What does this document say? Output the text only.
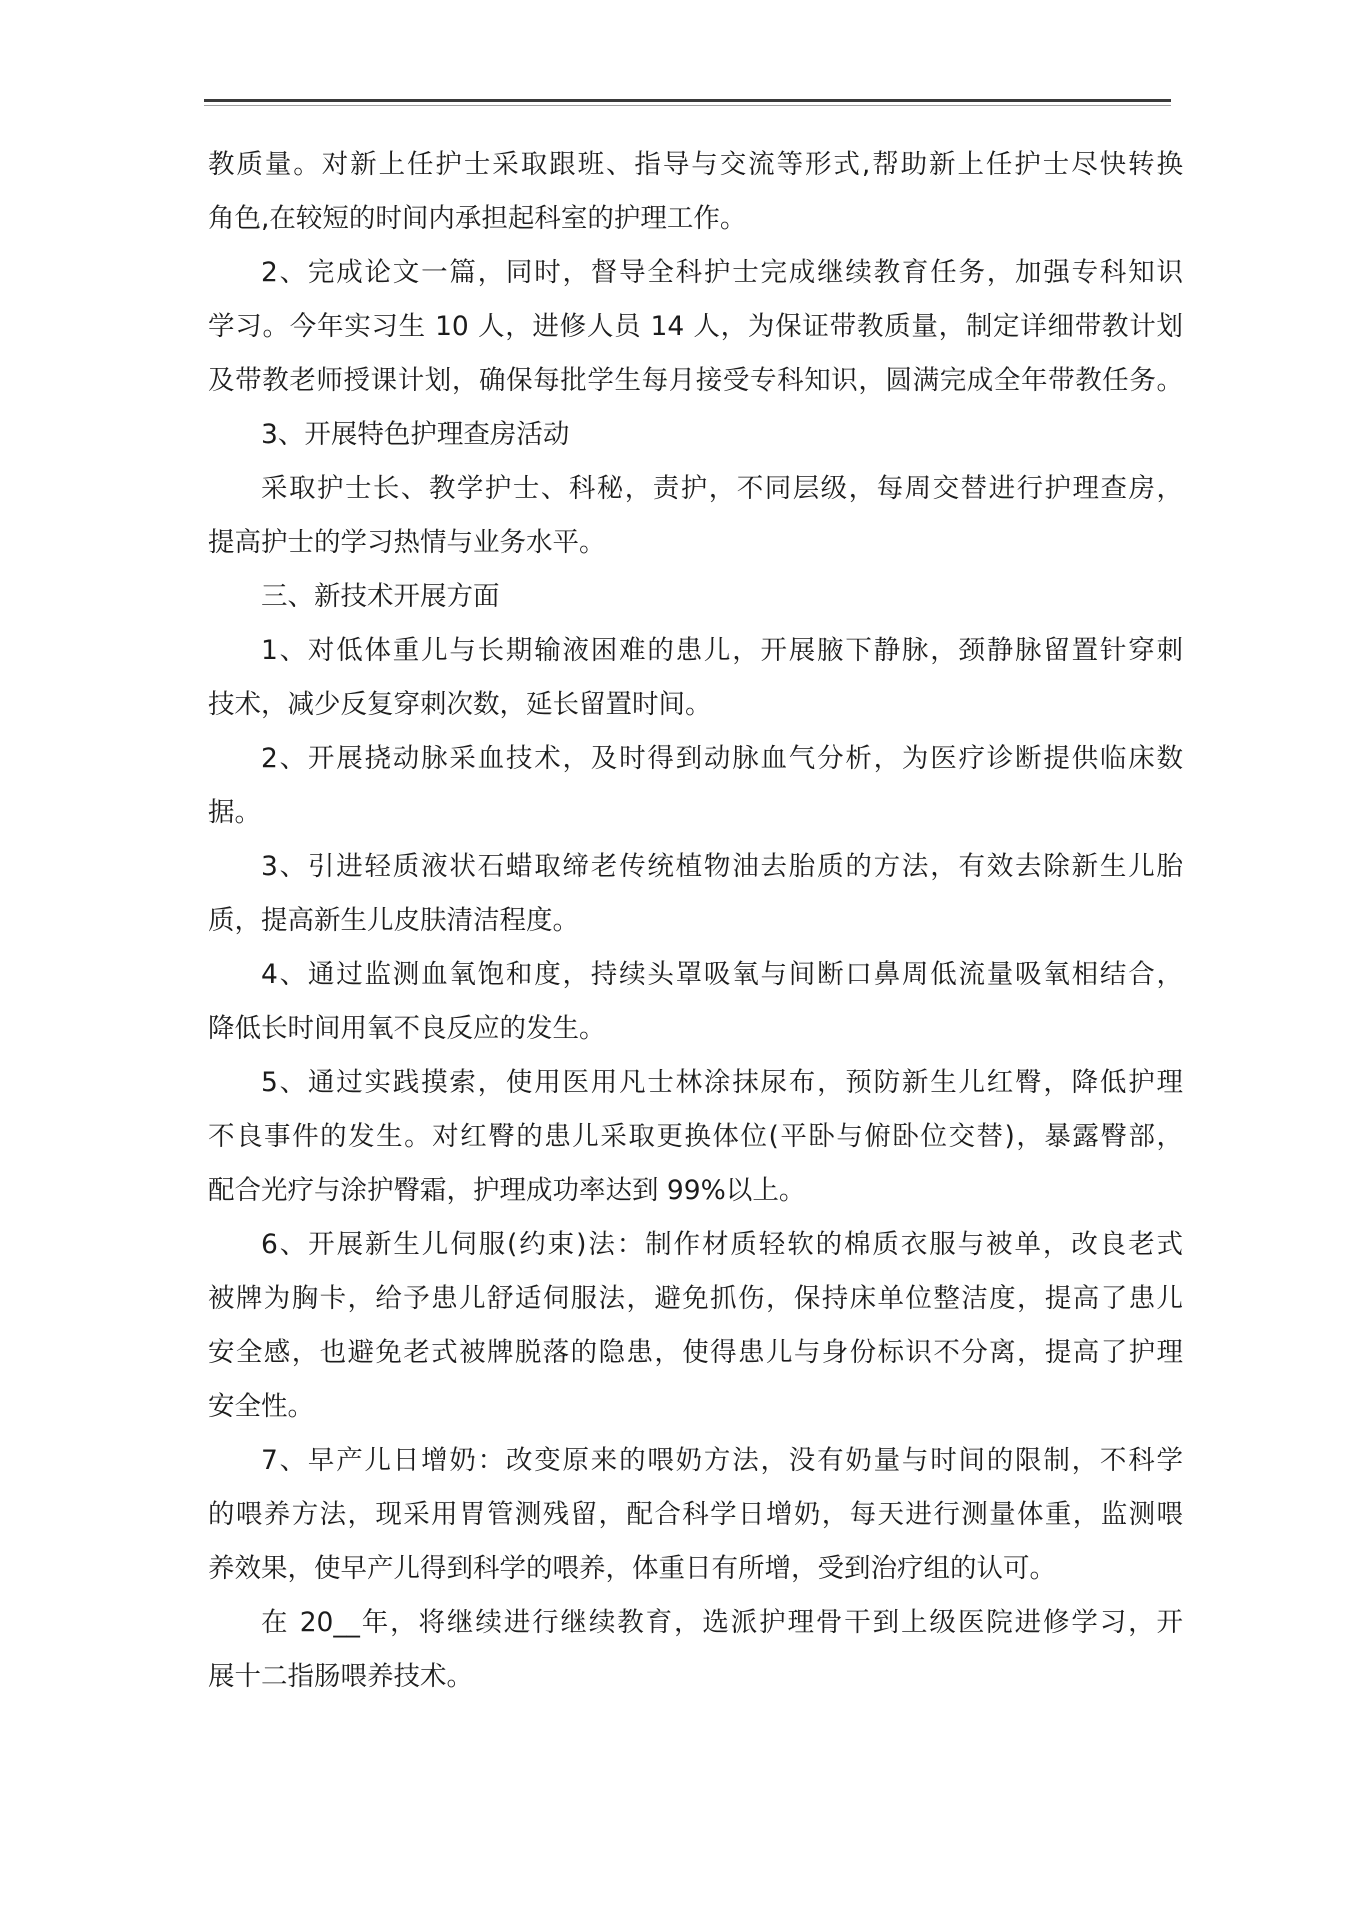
教质量。对新上任护士采取跟班、指导与交流等形式,帮助新上任护士尽快转换
角色,在较短的时间内承担起科室的护理工作。
2、完成论文一篇，同时，督导全科护士完成继续教育任务，加强专科知识
学习。今年实习生 10 人，进修人员 14 人，为保证带教质量，制定详细带教计划
及带教老师授课计划，确保每批学生每月接受专科知识，圆满完成全年带教任务。
3、开展特色护理查房活动
采取护士长、教学护士、科秘，责护，不同层级，每周交替进行护理查房，
提高护士的学习热情与业务水平。
三、新技术开展方面
1、对低体重儿与长期输液困难的患儿，开展腋下静脉，颈静脉留置针穿刺
技术，减少反复穿刺次数，延长留置时间。
2、开展挠动脉采血技术，及时得到动脉血气分析，为医疗诊断提供临床数
据。
3、引进轻质液状石蜡取缔老传统植物油去胎质的方法，有效去除新生儿胎
质，提高新生儿皮肤清洁程度。
4、通过监测血氧饱和度，持续头罩吸氧与间断口鼻周低流量吸氧相结合，
降低长时间用氧不良反应的发生。
5、通过实践摸索，使用医用凡士林涂抹尿布，预防新生儿红臀，降低护理
不良事件的发生。对红臀的患儿采取更换体位(平卧与俯卧位交替)，暴露臀部，
配合光疗与涂护臀霜，护理成功率达到 99%以上。
6、开展新生儿伺服(约束)法：制作材质轻软的棉质衣服与被单，改良老式
被牌为胸卡，给予患儿舒适伺服法，避免抓伤，保持床单位整洁度，提高了患儿
安全感，也避免老式被牌脱落的隐患，使得患儿与身份标识不分离，提高了护理
安全性。
7、早产儿日增奶：改变原来的喂奶方法，没有奶量与时间的限制，不科学
的喂养方法，现采用胃管测残留，配合科学日增奶，每天进行测量体重，监测喂
养效果，使早产儿得到科学的喂养，体重日有所增，受到治疗组的认可。
在 20__年，将继续进行继续教育，选派护理骨干到上级医院进修学习，开
展十二指肠喂养技术。
